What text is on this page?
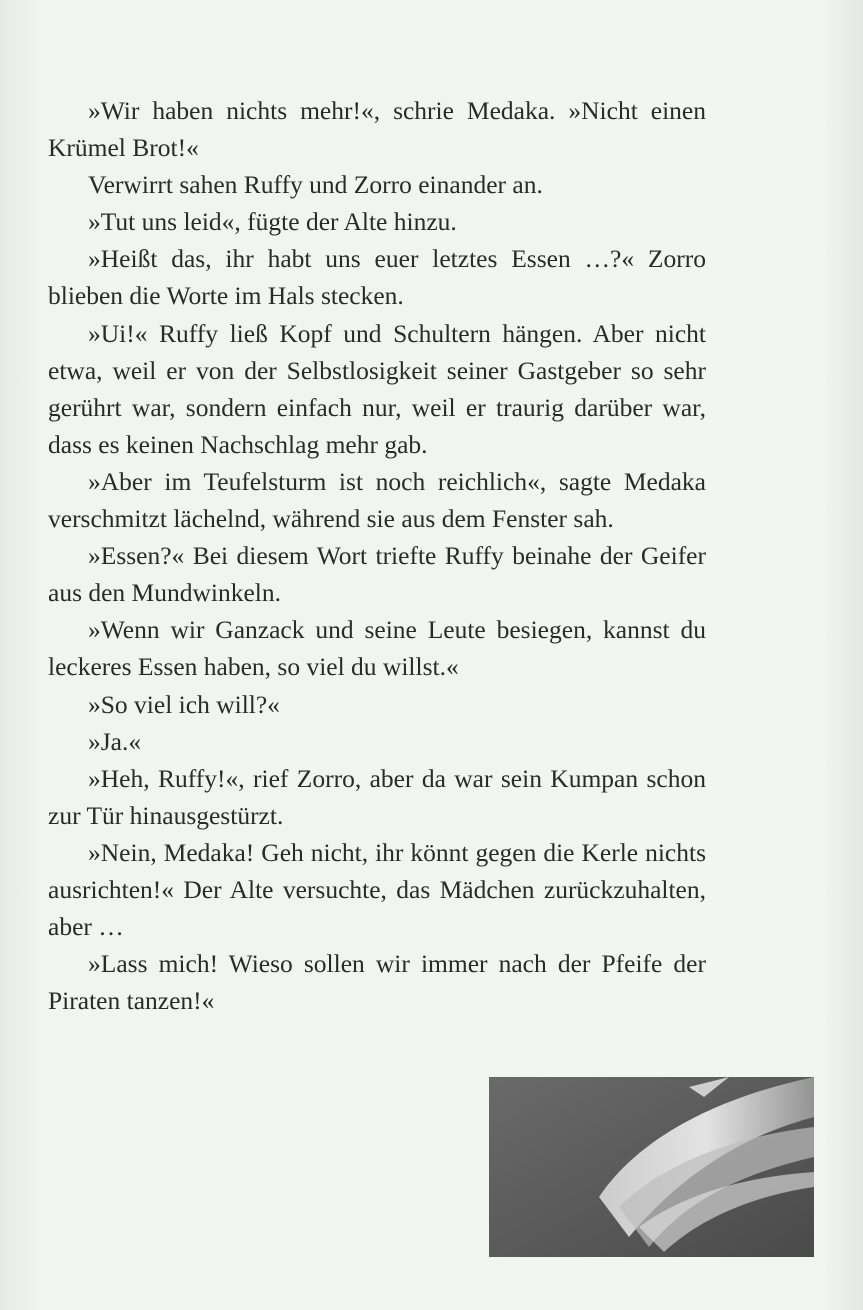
»Wir haben nichts mehr!«, schrie Medaka. »Nicht einen Krümel Brot!«

Verwirrt sahen Ruffy und Zorro einander an.

»Tut uns leid«, fügte der Alte hinzu.

»Heißt das, ihr habt uns euer letztes Essen …?« Zorro blieben die Worte im Hals stecken.

»Ui!« Ruffy ließ Kopf und Schultern hängen. Aber nicht etwa, weil er von der Selbstlosigkeit seiner Gastgeber so sehr gerührt war, sondern einfach nur, weil er traurig darüber war, dass es keinen Nachschlag mehr gab.

»Aber im Teufelsturm ist noch reichlich«, sagte Medaka verschmitzt lächelnd, während sie aus dem Fenster sah.

»Essen?« Bei diesem Wort triefte Ruffy beinahe der Geifer aus den Mundwinkeln.

»Wenn wir Ganzack und seine Leute besiegen, kannst du leckeres Essen haben, so viel du willst.«

»So viel ich will?«

»Ja.«

»Heh, Ruffy!«, rief Zorro, aber da war sein Kumpan schon zur Tür hinausgestürzt.

»Nein, Medaka! Geh nicht, ihr könnt gegen die Kerle nichts ausrichten!« Der Alte versuchte, das Mädchen zurückzuhalten, aber …

»Lass mich! Wieso sollen wir immer nach der Pfeife der Piraten tanzen!«
